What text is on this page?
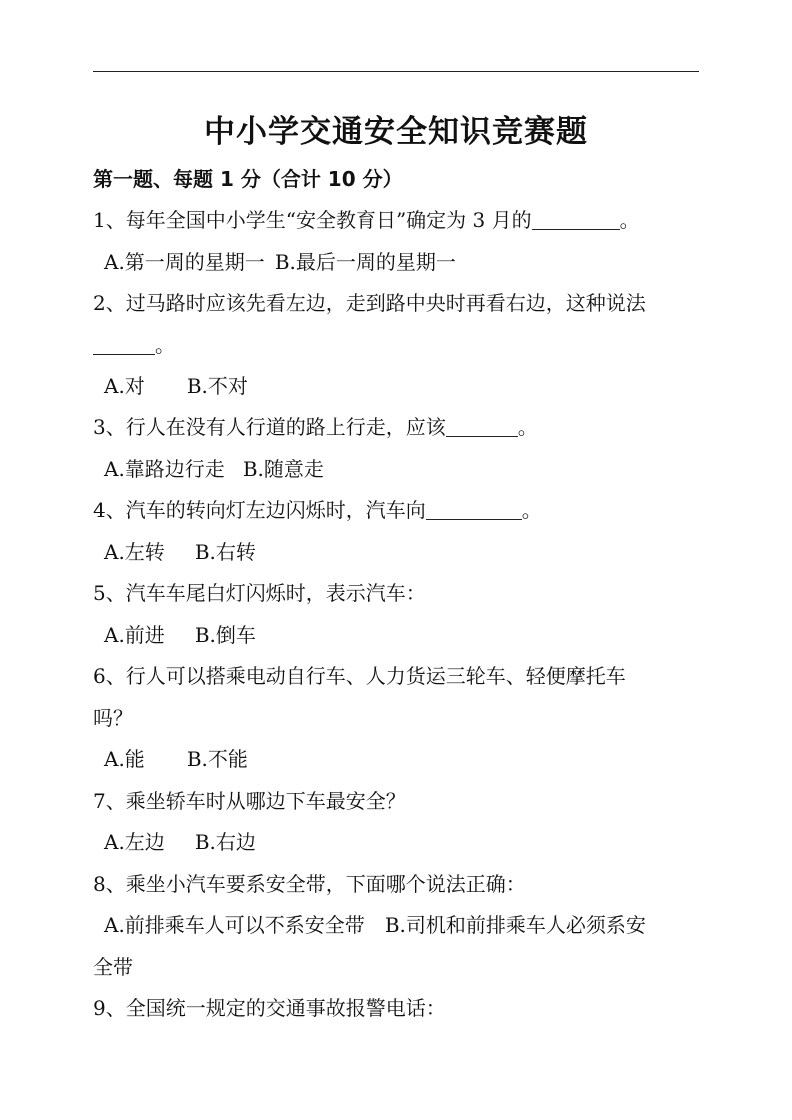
中小学交通安全知识竞赛题
第一题、每题 1 分（合计 10 分）
1、每年全国中小学生“安全教育日”确定为 3 月的	。
A.第一周的星期一 B.最后一周的星期一
2、过马路时应该先看左边，走到路中央时再看右边，这种说法
。
A.对 B.不对
3、行人在没有人行道的路上行走，应该	。
A.靠路边行走 B.随意走
4、汽车的转向灯左边闪烁时，汽车向	。
A.左转 B.右转
5、汽车车尾白灯闪烁时，表示汽车：
A.前进 B.倒车
6、行人可以搭乘电动自行车、人力货运三轮车、轻便摩托车
吗？
A.能 B.不能
7、乘坐轿车时从哪边下车最安全？
A.左边 B.右边
8、乘坐小汽车要系安全带，下面哪个说法正确：
A.前排乘车人可以不系安全带 B.司机和前排乘车人必须系安
全带
9、全国统一规定的交通事故报警电话：
